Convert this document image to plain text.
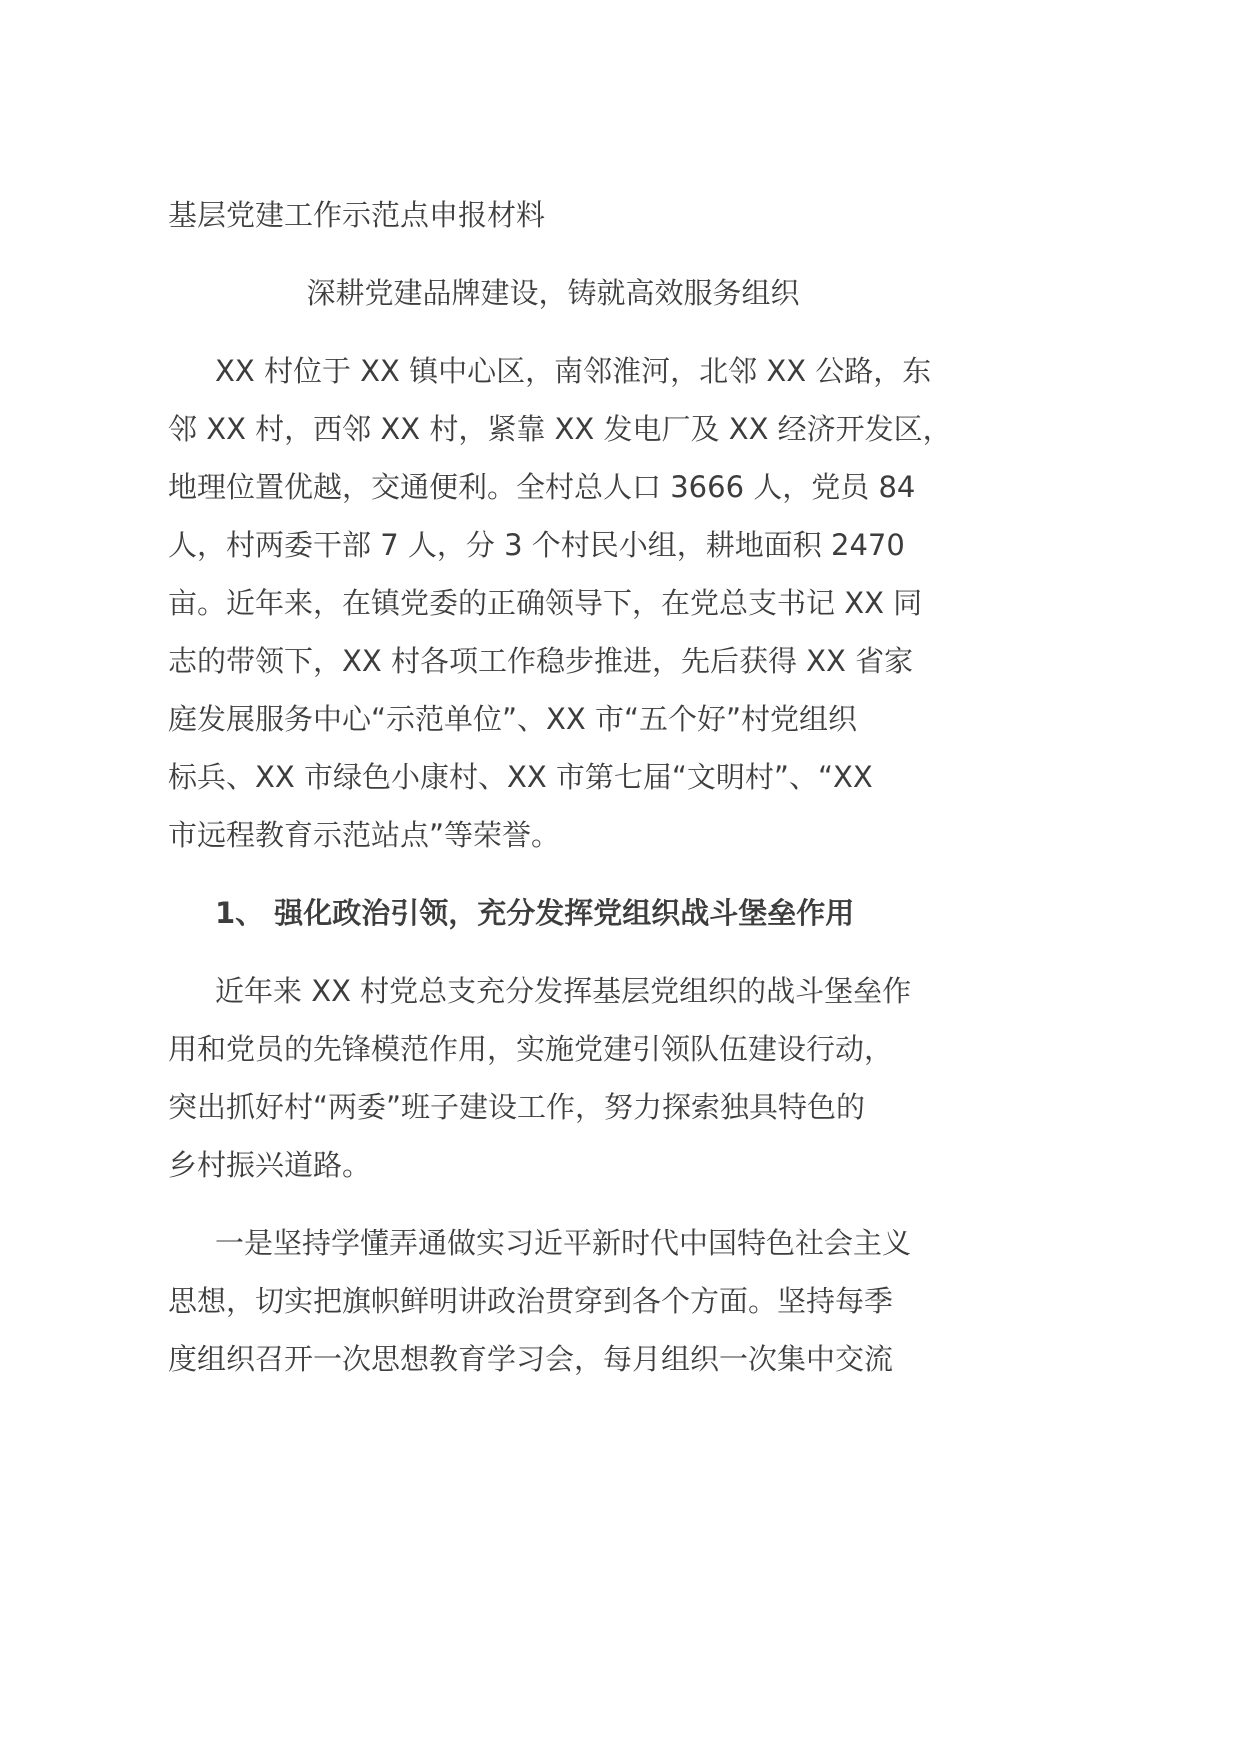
基层党建工作示范点申报材料
深耕党建品牌建设，铸就高效服务组织
XX 村位于 XX 镇中心区，南邻淮河，北邻 XX 公路，东
邻 XX 村，西邻 XX 村，紧靠 XX 发电厂及 XX 经济开发区，
地理位置优越，交通便利。全村总人口 3666 人，党员 84
人，村两委干部 7 人，分 3 个村民小组，耕地面积 2470
亩。近年来，在镇党委的正确领导下，在党总支书记 XX 同
志的带领下，XX 村各项工作稳步推进，先后获得 XX 省家
庭发展服务中心“示范单位”、XX 市“五个好”村党组织
标兵、XX 市绿色小康村、XX 市第七届“文明村”、“XX
市远程教育示范站点”等荣誉。
1、 强化政治引领，充分发挥党组织战斗堡垒作用
近年来 XX 村党总支充分发挥基层党组织的战斗堡垒作
用和党员的先锋模范作用，实施党建引领队伍建设行动，
突出抓好村“两委”班子建设工作，努力探索独具特色的
乡村振兴道路。
一是坚持学懂弄通做实习近平新时代中国特色社会主义
思想，切实把旗帜鲜明讲政治贯穿到各个方面。坚持每季
度组织召开一次思想教育学习会，每月组织一次集中交流
